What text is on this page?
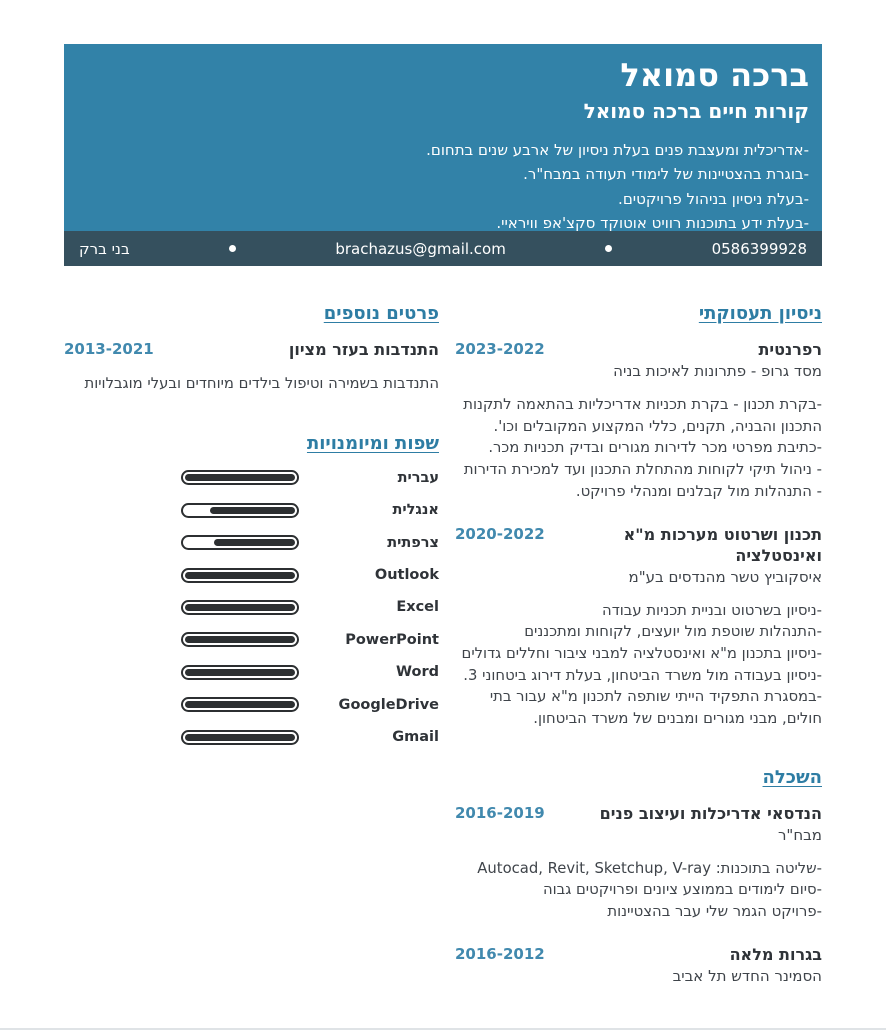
ברכה סמואל
קורות חיים ברכה סמואל
-אדריכלית ומעצבת פנים בעלת ניסיון של ארבע שנים בתחום.
-בוגרת בהצטיינות של לימודי תעודה במבח"ר.
-בעלת ניסיון בניהול פרויקטים.
-בעלת ידע בתוכנות רוויט אוטוקד סקצ'אפ וויראיי.
0586399928
brachazus@gmail.com
בני ברק
ניסיון תעסוקתי
רפרנטית
2023-2022
מסד גרופ - פתרונות לאיכות בניה
-בקרת תכנון - בקרת תכניות אדריכליות בהתאמה לתקנות התכנון והבניה, תקנים, כללי המקצוע המקובלים וכו'.
-כתיבת מפרטי מכר לדירות מגורים ובדיק תכניות מכר.
- ניהול תיקי לקוחות מהתחלת התכנון ועד למכירת הדירות - התנהלות מול קבלנים ומנהלי פרויקט.
תכנון ושרטוט מערכות מ"א ואינסטלציה
2020-2022
איסקוביץ טשר מהנדסים בע"מ
-ניסיון בשרטוט ובניית תכניות עבודה
-התנהלות שוטפת מול יועצים, לקוחות ומתכננים
-ניסיון בתכנון מ"א ואינסטלציה למבני ציבור וחללים גדולים
-ניסיון בעבודה מול משרד הביטחון, בעלת דירוג ביטחוני 3.
-במסגרת התפקיד הייתי שותפה לתכנון מ"א עבור בתי חולים, מבני מגורים ומבנים של משרד הביטחון.
השכלה
הנדסאי אדריכלות ועיצוב פנים
2016-2019
מבח"ר
-שליטה בתוכנות: Autocad, Revit, Sketchup, V-ray
-סיום לימודים בממוצע ציונים ופרויקטים גבוה
-פרויקט הגמר שלי עבר בהצטיינות
בגרות מלאה
2016-2012
הסמינר החדש תל אביב
פרטים נוספים
התנדבות בעזר מציון
2013-2021
התנדבות בשמירה וטיפול בילדים מיוחדים ובעלי מוגבלויות
שפות ומיומנויות
עברית
אנגלית
צרפתית
Outlook
Excel
PowerPoint
Word
GoogleDrive
Gmail
